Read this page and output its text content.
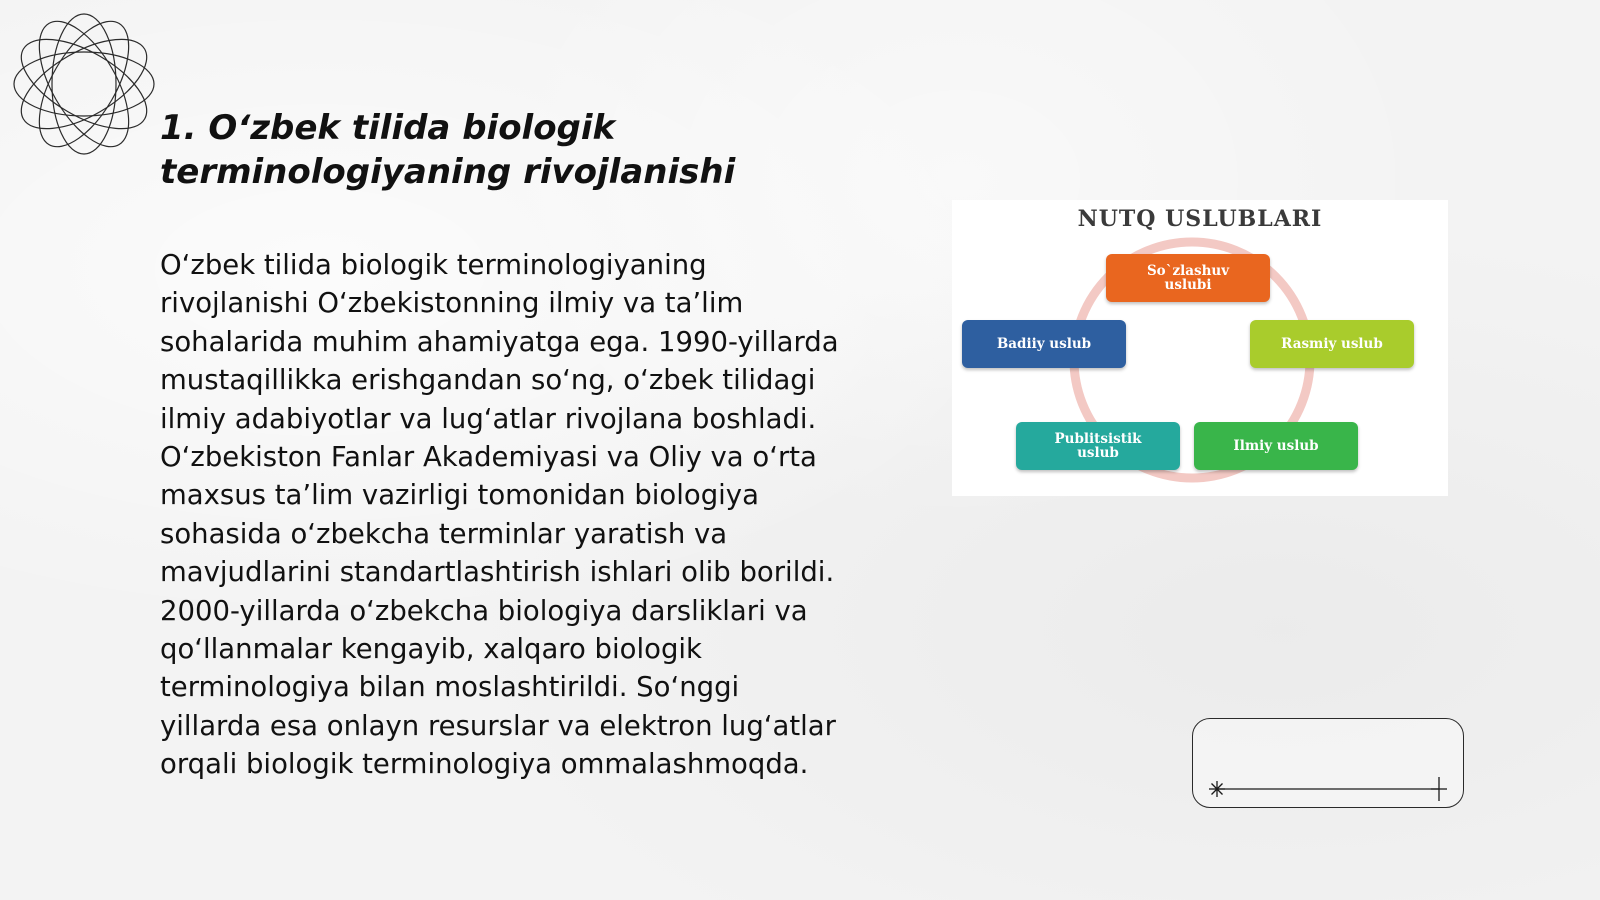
1. O‘zbek tilida biologik
terminologiyaning rivojlanishi

O‘zbek tilida biologik terminologiyaning rivojlanishi O‘zbekistonning ilmiy va ta’lim sohalarida muhim ahamiyatga ega. 1990-yillarda mustaqillikka erishgandan so‘ng, o‘zbek tilidagi ilmiy adabiyotlar va lug‘atlar rivojlana boshladi. O‘zbekiston Fanlar Akademiyasi va Oliy va o‘rta maxsus ta’lim vazirligi tomonidan biologiya sohasida o‘zbekcha terminlar yaratish va mavjudlarini standartlashtirish ishlari olib borildi. 2000-yillarda o‘zbekcha biologiya darsliklari va qo‘llanmalar kengayib, xalqaro biologik terminologiya bilan moslashtirildi. So‘nggi yillarda esa onlayn resurslar va elektron lug‘atlar orqali biologik terminologiya ommalashmoqda.

NUTQ USLUBLARI
So`zlashuv
uslubi
Badiiy uslub	Rasmiy uslub
Publitsistik
uslub	Ilmiy uslub
